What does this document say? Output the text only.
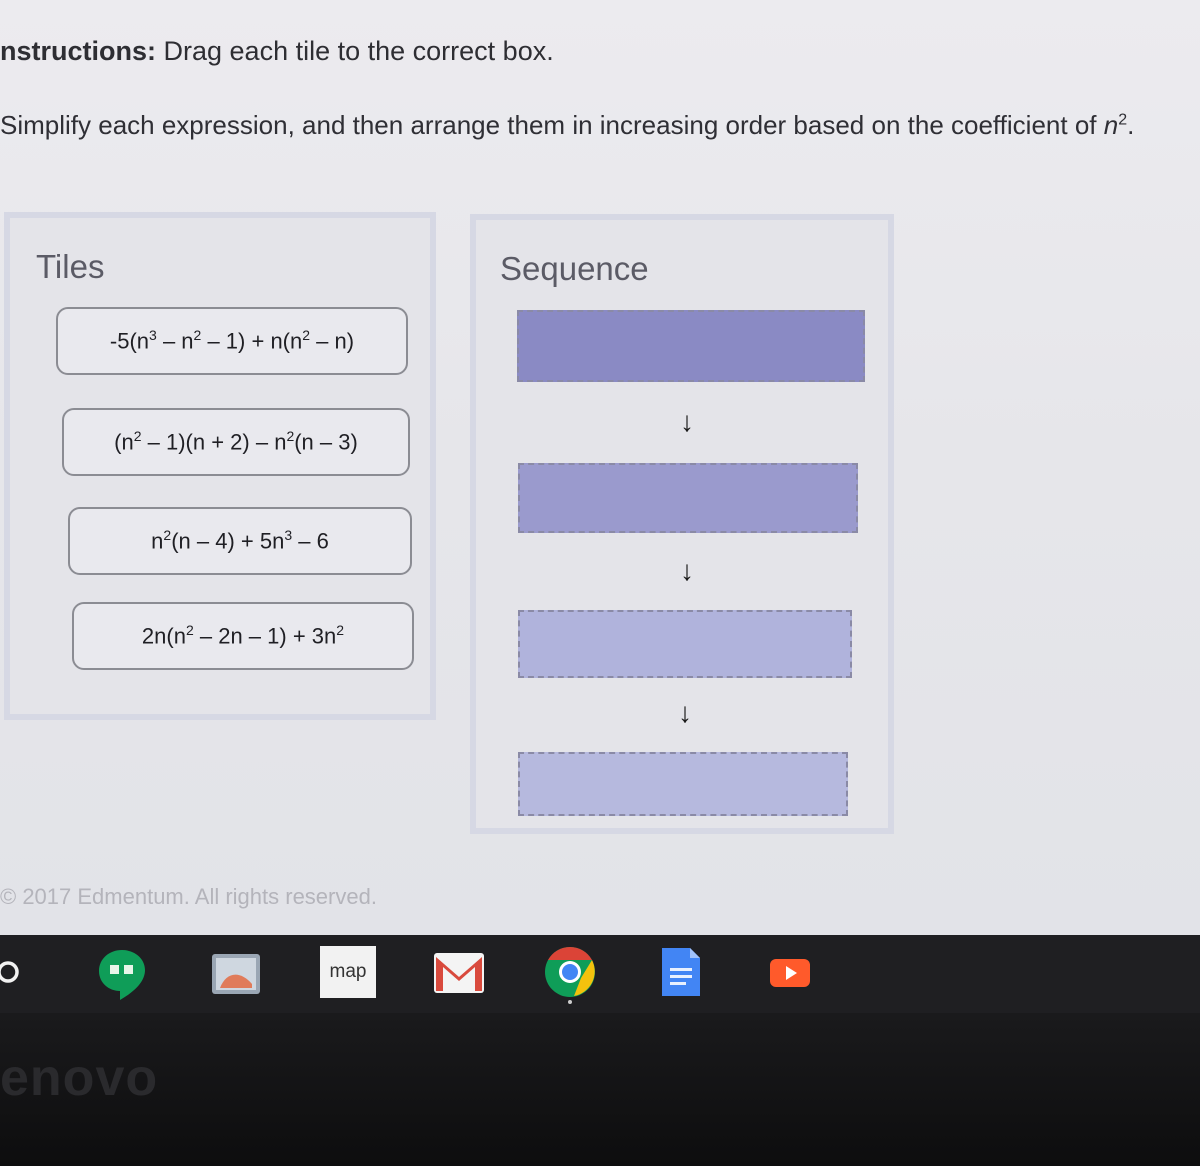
nstructions: Drag each tile to the correct box.
Simplify each expression, and then arrange them in increasing order based on the coefficient of $n^2$.
Tiles
$-5(n^3 - n^2 - 1) + n(n^2 - n)$
$(n^2 - 1)(n + 2) - n^2(n - 3)$
$n^2(n - 4) + 5n^3 - 6$
$2n(n^2 - 2n - 1) + 3n^2$
Sequence
↓
↓
↓
© 2017 Edmentum. All rights reserved.
map
enovo
